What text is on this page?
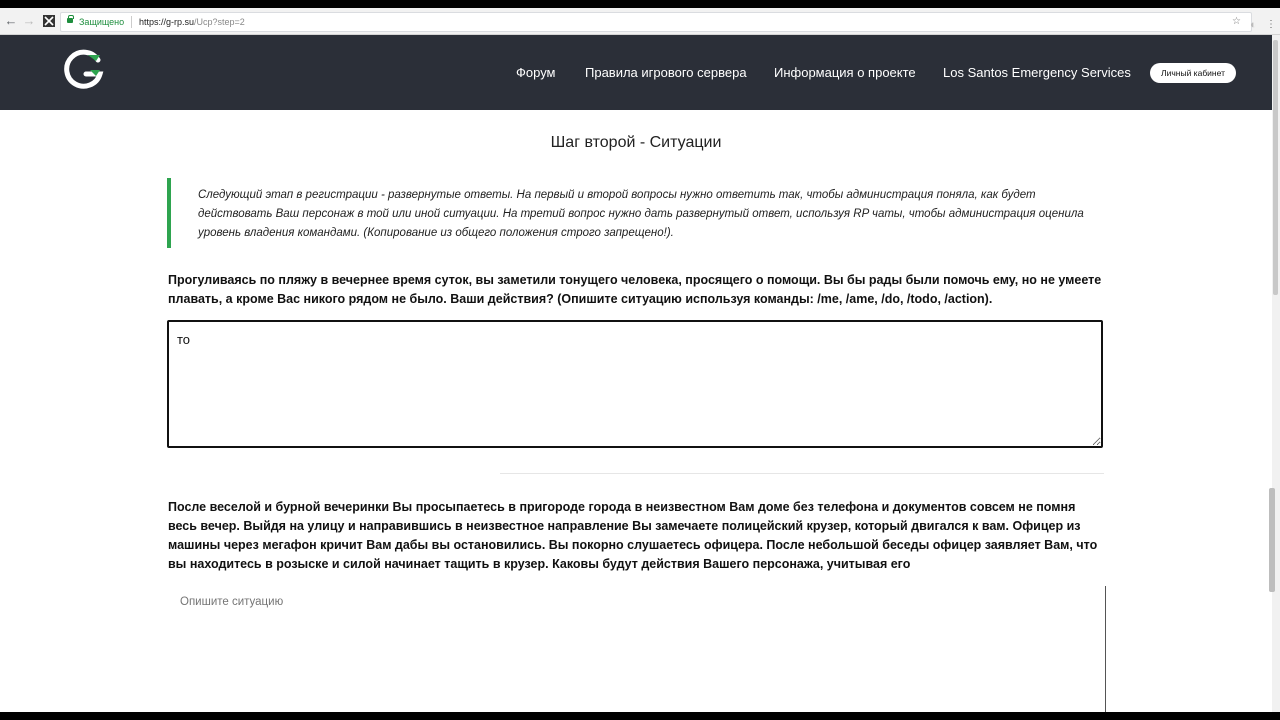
← →	Защищено https://g-rp.su/Ucp?step=2	☆ ◐ ⋮
Форум Правила игрового сервера Информация о проекте Los Santos Emergency Services	Личный кабинет
Шаг второй - Ситуации
Следующий этап в регистрации - развернутые ответы. На первый и второй вопросы нужно ответить так, чтобы администрация поняла, как будет действовать Ваш персонаж в той или иной ситуации. На третий вопрос нужно дать развернутый ответ, используя RP чаты, чтобы администрация оценила уровень владения командами. (Копирование из общего положения строго запрещено!).
Прогуливаясь по пляжу в вечернее время суток, вы заметили тонущего человека, просящего о помощи. Вы бы рады были помочь ему, но не умеете плавать, а кроме Вас никого рядом не было. Ваши действия? (Опишите ситуацию используя команды: /me, /ame, /do, /todo, /action).
то
После веселой и бурной вечеринки Вы просыпаетесь в пригороде города в неизвестном Вам доме без телефона и документов совсем не помня весь вечер. Выйдя на улицу и направившись в неизвестное направление Вы замечаете полицейский крузер, который двигался к вам. Офицер из машины через мегафон кричит Вам дабы вы остановились. Вы покорно слушаетесь офицера. После небольшой беседы офицер заявляет Вам, что вы находитесь в розыске и силой начинает тащить в крузер. Каковы будут действия Вашего персонажа, учитывая его
Опишите ситуацию
